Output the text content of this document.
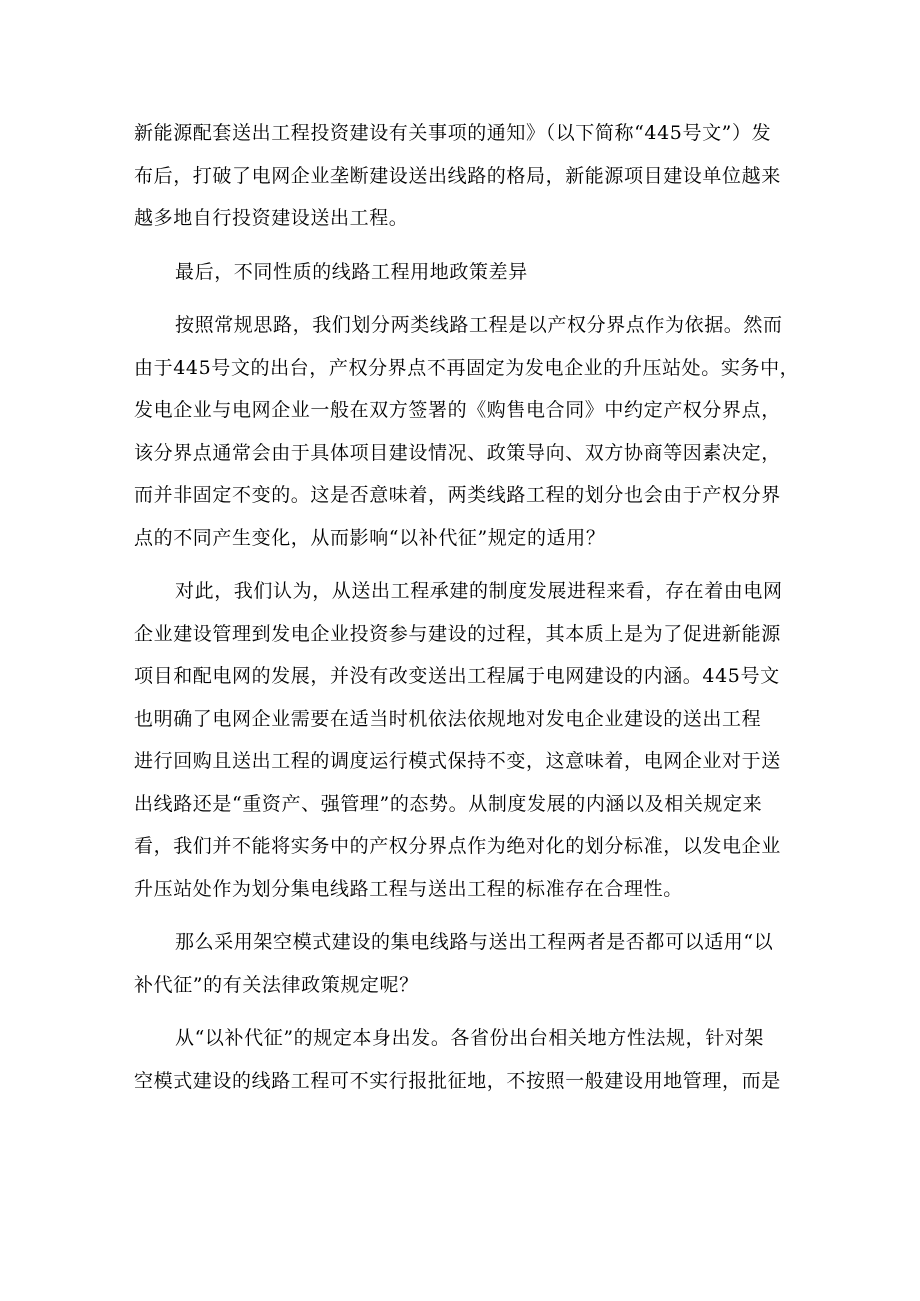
新能源配套送出工程投资建设有关事项的通知》（以下简称“445号文”）发
布后，打破了电网企业垄断建设送出线路的格局，新能源项目建设单位越来
越多地自行投资建设送出工程。
最后，不同性质的线路工程用地政策差异
按照常规思路，我们划分两类线路工程是以产权分界点作为依据。然而
由于445号文的出台，产权分界点不再固定为发电企业的升压站处。实务中，
发电企业与电网企业一般在双方签署的《购售电合同》中约定产权分界点，
该分界点通常会由于具体项目建设情况、政策导向、双方协商等因素决定，
而并非固定不变的。这是否意味着，两类线路工程的划分也会由于产权分界
点的不同产生变化，从而影响“以补代征”规定的适用？
对此，我们认为，从送出工程承建的制度发展进程来看，存在着由电网
企业建设管理到发电企业投资参与建设的过程，其本质上是为了促进新能源
项目和配电网的发展，并没有改变送出工程属于电网建设的内涵。445号文
也明确了电网企业需要在适当时机依法依规地对发电企业建设的送出工程
进行回购且送出工程的调度运行模式保持不变，这意味着，电网企业对于送
出线路还是“重资产、强管理”的态势。从制度发展的内涵以及相关规定来
看，我们并不能将实务中的产权分界点作为绝对化的划分标准，以发电企业
升压站处作为划分集电线路工程与送出工程的标准存在合理性。
那么采用架空模式建设的集电线路与送出工程两者是否都可以适用“以
补代征”的有关法律政策规定呢？
从“以补代征”的规定本身出发。各省份出台相关地方性法规，针对架
空模式建设的线路工程可不实行报批征地，不按照一般建设用地管理，而是
